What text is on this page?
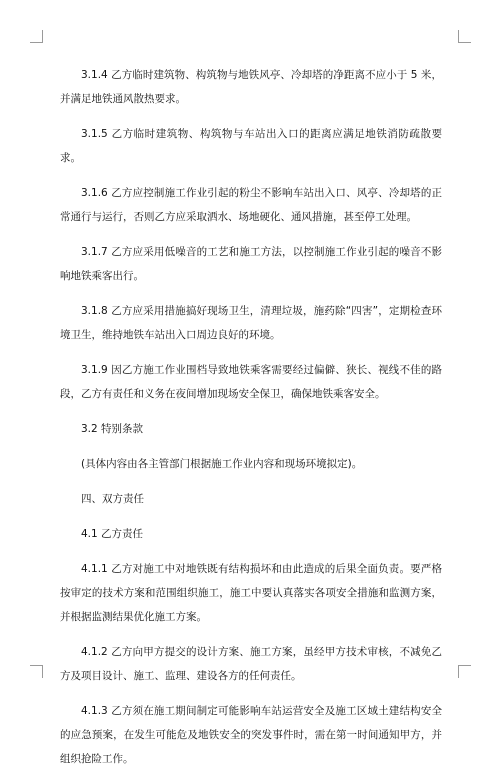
3.1.4 乙方临时建筑物、构筑物与地铁风亭、冷却塔的净距离不应小于 5 米，并满足地铁通风散热要求。

3.1.5 乙方临时建筑物、构筑物与车站出入口的距离应满足地铁消防疏散要求。

3.1.6 乙方应控制施工作业引起的粉尘不影响车站出入口、风亭、冷却塔的正常通行与运行，否则乙方应采取洒水、场地硬化、通风措施，甚至停工处理。

3.1.7 乙方应采用低噪音的工艺和施工方法，以控制施工作业引起的噪音不影响地铁乘客出行。

3.1.8 乙方应采用措施搞好现场卫生，清理垃圾，施药除“四害”，定期检查环境卫生，维持地铁车站出入口周边良好的环境。

3.1.9 因乙方施工作业围档导致地铁乘客需要经过偏僻、狭长、视线不佳的路段，乙方有责任和义务在夜间增加现场安全保卫，确保地铁乘客安全。

3.2 特别条款

(具体内容由各主管部门根据施工作业内容和现场环境拟定)。

四、双方责任

4.1 乙方责任

4.1.1 乙方对施工中对地铁既有结构损坏和由此造成的后果全面负责。要严格按审定的技术方案和范围组织施工，施工中要认真落实各项安全措施和监测方案，并根据监测结果优化施工方案。

4.1.2 乙方向甲方提交的设计方案、施工方案，虽经甲方技术审核，不减免乙方及项目设计、施工、监理、建设各方的任何责任。

4.1.3 乙方须在施工期间制定可能影响车站运营安全及施工区域土建结构安全的应急预案，在发生可能危及地铁安全的突发事件时，需在第一时间通知甲方，并组织抢险工作。
